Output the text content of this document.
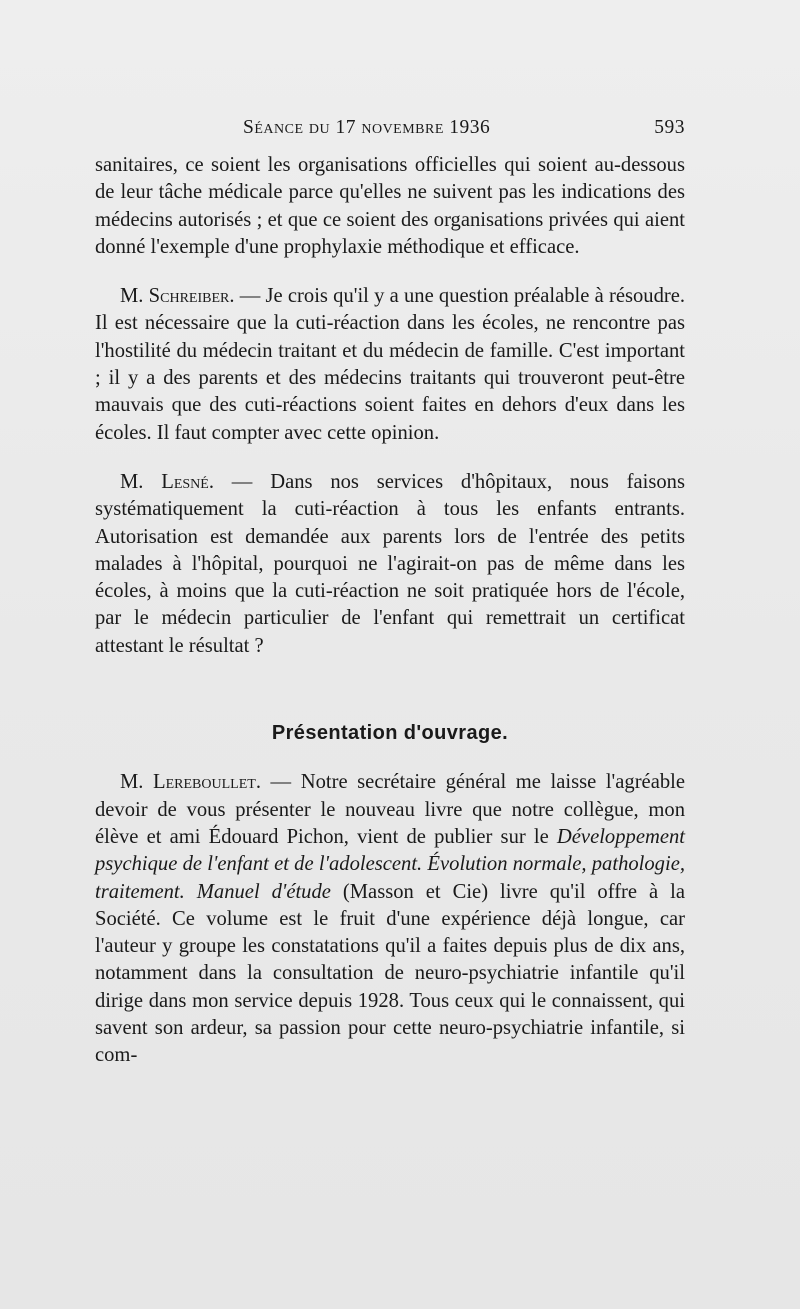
Séance du 17 novembre 1936	593

sanitaires, ce soient les organisations officielles qui soient au-dessous de leur tâche médicale parce qu'elles ne suivent pas les indications des médecins autorisés ; et que ce soient des organisations privées qui aient donné l'exemple d'une prophylaxie méthodique et efficace.

M. Schreiber. — Je crois qu'il y a une question préalable à résoudre. Il est nécessaire que la cuti-réaction dans les écoles, ne rencontre pas l'hostilité du médecin traitant et du médecin de famille. C'est important ; il y a des parents et des médecins traitants qui trouveront peut-être mauvais que des cuti-réactions soient faites en dehors d'eux dans les écoles. Il faut compter avec cette opinion.

M. Lesné. — Dans nos services d'hôpitaux, nous faisons systématiquement la cuti-réaction à tous les enfants entrants. Autorisation est demandée aux parents lors de l'entrée des petits malades à l'hôpital, pourquoi ne l'agirait-on pas de même dans les écoles, à moins que la cuti-réaction ne soit pratiquée hors de l'école, par le médecin particulier de l'enfant qui remettrait un certificat attestant le résultat ?

Présentation d'ouvrage.

M. Lereboullet. — Notre secrétaire général me laisse l'agréable devoir de vous présenter le nouveau livre que notre collègue, mon élève et ami Édouard Pichon, vient de publier sur le Développement psychique de l'enfant et de l'adolescent. Évolution normale, pathologie, traitement. Manuel d'étude (Masson et Cie) livre qu'il offre à la Société. Ce volume est le fruit d'une expérience déjà longue, car l'auteur y groupe les constatations qu'il a faites depuis plus de dix ans, notamment dans la consultation de neuro-psychiatrie infantile qu'il dirige dans mon service depuis 1928. Tous ceux qui le connaissent, qui savent son ardeur, sa passion pour cette neuro-psychiatrie infantile, si com-
